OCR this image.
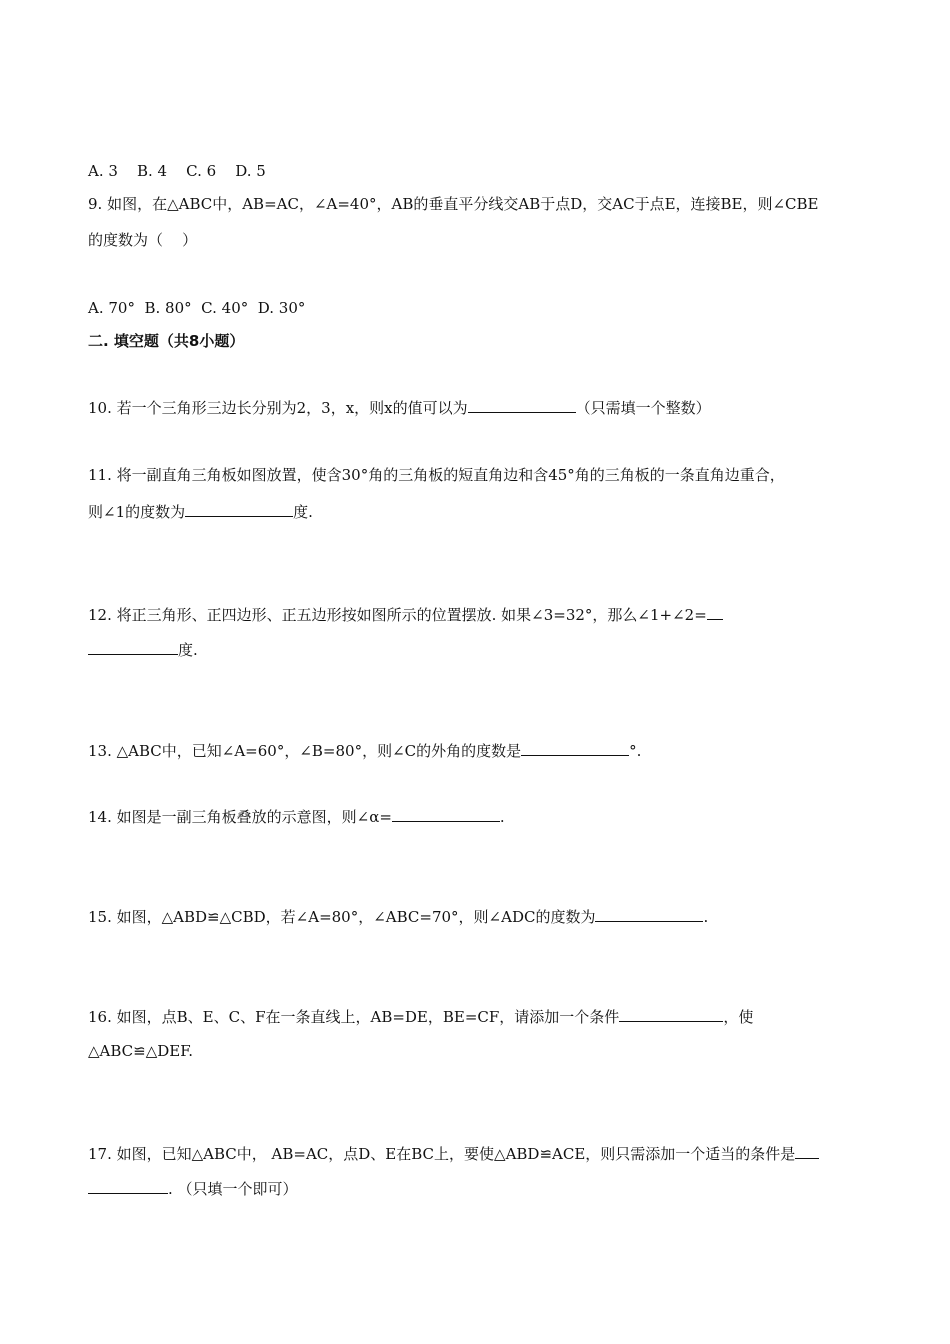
A. 3    B. 4    C. 6    D. 5
9. 如图，在△ABC中，AB=AC，∠A=40°，AB的垂直平分线交AB于点D，交AC于点E，连接BE，则∠CBE
的度数为（    ）
A. 70°  B. 80°  C. 40°  D. 30°
二. 填空题（共8小题）
10. 若一个三角形三边长分别为2，3，x，则x的值可以为	（只需填一个整数）
11. 将一副直角三角板如图放置，使含30°角的三角板的短直角边和含45°角的三角板的一条直角边重合，
则∠1的度数为	度.
12. 将正三角形、正四边形、正五边形按如图所示的位置摆放. 如果∠3=32°，那么∠1+∠2=
度.
13. △ABC中，已知∠A=60°，∠B=80°，则∠C的外角的度数是	°.
14. 如图是一副三角板叠放的示意图，则∠α=	.
15. 如图，△ABD≌△CBD，若∠A=80°，∠ABC=70°，则∠ADC的度数为	.
16. 如图，点B、E、C、F在一条直线上，AB=DE，BE=CF，请添加一个条件	，使
△ABC≌△DEF.
17. 如图，已知△ABC中， AB=AC，点D、E在BC上，要使△ABD≌ACE，则只需添加一个适当的条件是
. （只填一个即可）
